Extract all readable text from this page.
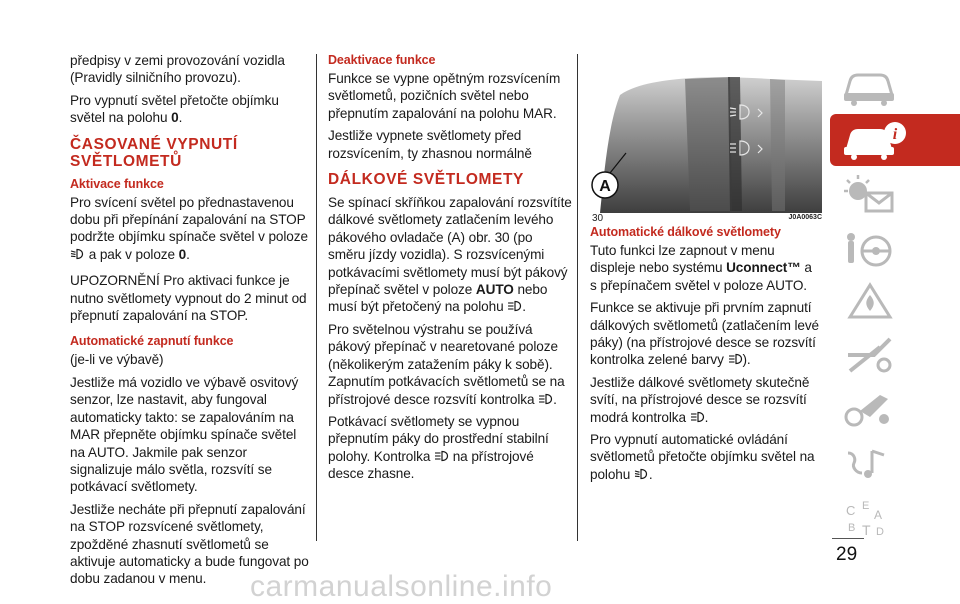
předpisy v zemi provozování vozidla (Pravidly silničního provozu).

Pro vypnutí světel přetočte objímku světel na polohu 0.

ČASOVANÉ VYPNUTÍ SVĚTLOMETŮ
Aktivace funkce

Pro svícení světel po přednastavenou dobu při přepínání zapalování na STOP podržte objímku spínače světel v poloze  a pak v poloze 0.

UPOZORNĚNÍ Pro aktivaci funkce je nutno světlomety vypnout do 2 minut od přepnutí zapalování na STOP.

Automatické zapnutí funkce

(je-li ve výbavě)

Jestliže má vozidlo ve výbavě osvitový senzor, lze nastavit, aby fungoval automaticky takto: se zapalováním na MAR přepněte objímku spínače světel na AUTO. Jakmile pak senzor signalizuje málo světla, rozsvítí se potkávací světlomety.

Jestliže necháte při přepnutí zapalování na STOP rozsvícené světlomety, zpožděné zhasnutí světlometů se aktivuje automaticky a bude fungovat po dobu zadanou v menu.

Deaktivace funkce

Funkce se vypne opětným rozsvícením světlometů, pozičních světel nebo přepnutím zapalování na polohu MAR.

Jestliže vypnete světlomety před rozsvícením, ty zhasnou normálně

DÁLKOVÉ SVĚTLOMETY

Se spínací skříňkou zapalování rozsvítíte dálkové světlomety zatlačením levého pákového ovladače (A) obr. 30 (po směru jízdy vozidla). S rozsvícenými potkávacími světlomety musí být pákový přepínač světel v poloze AUTO nebo musí být přetočený na polohu .

Pro světelnou výstrahu se používá pákový přepínač v nearetované poloze (několikerým zatažením páky k sobě). Zapnutím potkávacích světlometů se na přístrojové desce rozsvítí kontrolka .

Potkávací světlomety se vypnou přepnutím páky do prostřední stabilní polohy. Kontrolka na přístrojové desce zhasne.

A
30	J0A0063C
Automatické dálkové světlomety

Tuto funkci lze zapnout v menu displeje nebo systému Uconnect™ a s přepínačem světel v poloze AUTO.

Funkce se aktivuje při prvním zapnutí dálkových světlometů (zatlačením levé páky) (na přístrojové desce se rozsvítí kontrolka zelené barvy ).

Jestliže dálkové světlomety skutečně svítí, na přístrojové desce se rozsvítí modrá kontrolka .

Pro vypnutí automatické ovládání světlometů přetočte objímku světel na polohu .

i
C E
A
B T D
29
carmanualsonline.info
